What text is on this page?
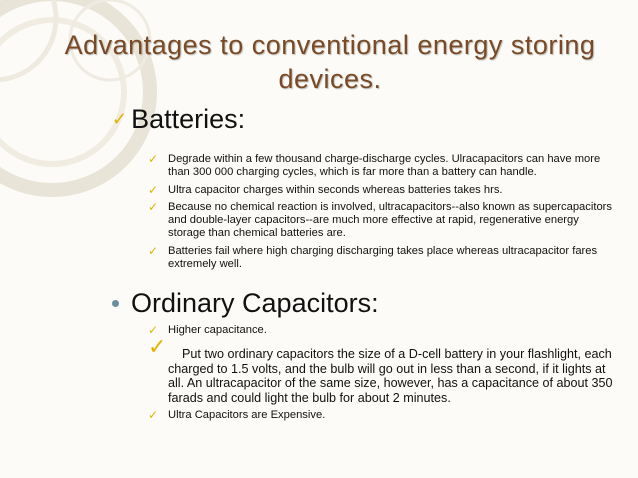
Advantages to conventional energy storing devices.
✓ Batteries:
✓ Degrade within a few thousand charge-discharge cycles. Ulracapacitors can have more than 300 000 charging cycles, which is far more than a battery can handle.
✓ Ultra capacitor charges within seconds whereas batteries takes hrs.
✓ Because no chemical reaction is involved, ultracapacitors--also known as supercapacitors and double-layer capacitors--are much more effective at rapid, regenerative energy storage than chemical batteries are.
✓ Batteries fail where high charging discharging takes place whereas ultracapacitor fares extremely well.
Ordinary Capacitors:
✓ Higher capacitance.
✓ Put two ordinary capacitors the size of a D-cell battery in your flashlight, each charged to 1.5 volts, and the bulb will go out in less than a second, if it lights at all. An ultracapacitor of the same size, however, has a capacitance of about 350 farads and could light the bulb for about 2 minutes.
✓ Ultra Capacitors are Expensive.
